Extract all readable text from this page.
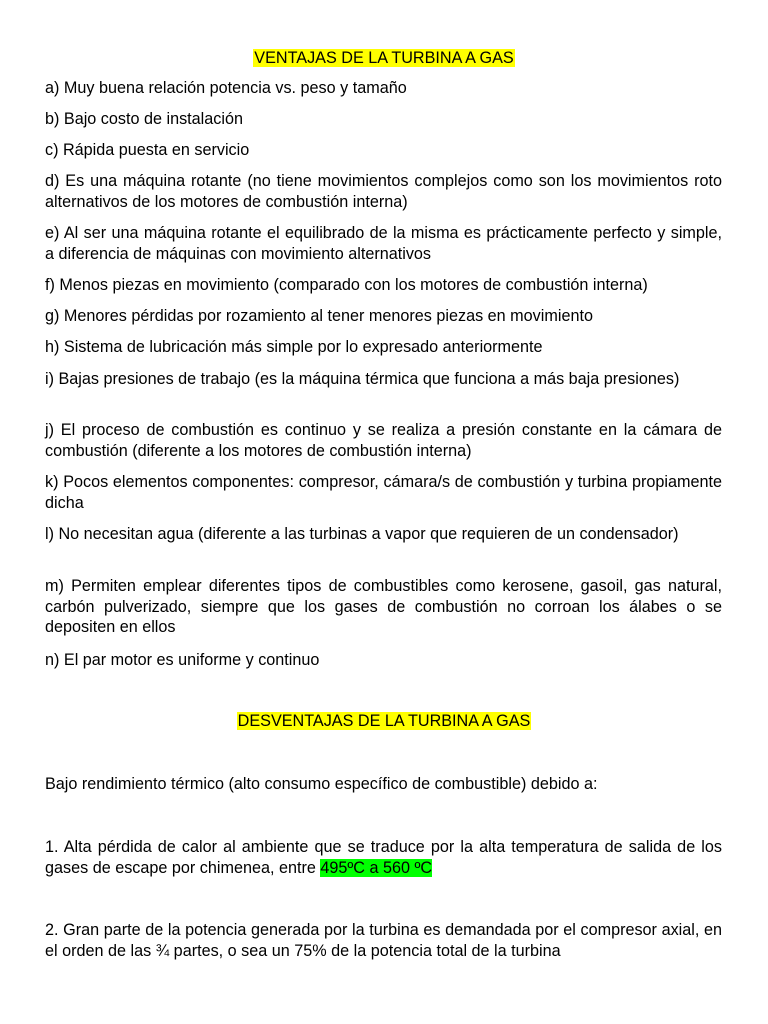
VENTAJAS DE LA TURBINA A GAS
a) Muy buena relación potencia vs. peso y tamaño
b) Bajo costo de instalación
c) Rápida puesta en servicio
d) Es una máquina rotante (no tiene movimientos complejos como son los movimientos roto alternativos de los motores de combustión interna)
e) Al ser una máquina rotante el equilibrado de la misma es prácticamente perfecto y simple, a diferencia de máquinas con movimiento alternativos
f) Menos piezas en movimiento (comparado con los motores de combustión interna)
g) Menores pérdidas por rozamiento al tener menores piezas en movimiento
h) Sistema de lubricación más simple por lo expresado anteriormente
i) Bajas presiones de trabajo (es la máquina térmica que funciona a más baja presiones)
j) El proceso de combustión es continuo y se realiza a presión constante en la cámara de combustión (diferente a los motores de combustión interna)
k) Pocos elementos componentes: compresor, cámara/s de combustión y turbina propiamente dicha
l) No necesitan agua (diferente a las turbinas a vapor que requieren de un condensador)
m) Permiten emplear diferentes tipos de combustibles como kerosene, gasoil, gas natural, carbón pulverizado, siempre que los gases de combustión no corroan los álabes o se depositen en ellos
n) El par motor es uniforme y continuo
DESVENTAJAS DE LA TURBINA A GAS
Bajo rendimiento térmico (alto consumo específico de combustible) debido a:
1. Alta pérdida de calor al ambiente que se traduce por la alta temperatura de salida de los gases de escape por chimenea, entre 495ºC a 560 ºC
2. Gran parte de la potencia generada por la turbina es demandada por el compresor axial, en el orden de las ¾ partes, o sea un 75% de la potencia total de la turbina
